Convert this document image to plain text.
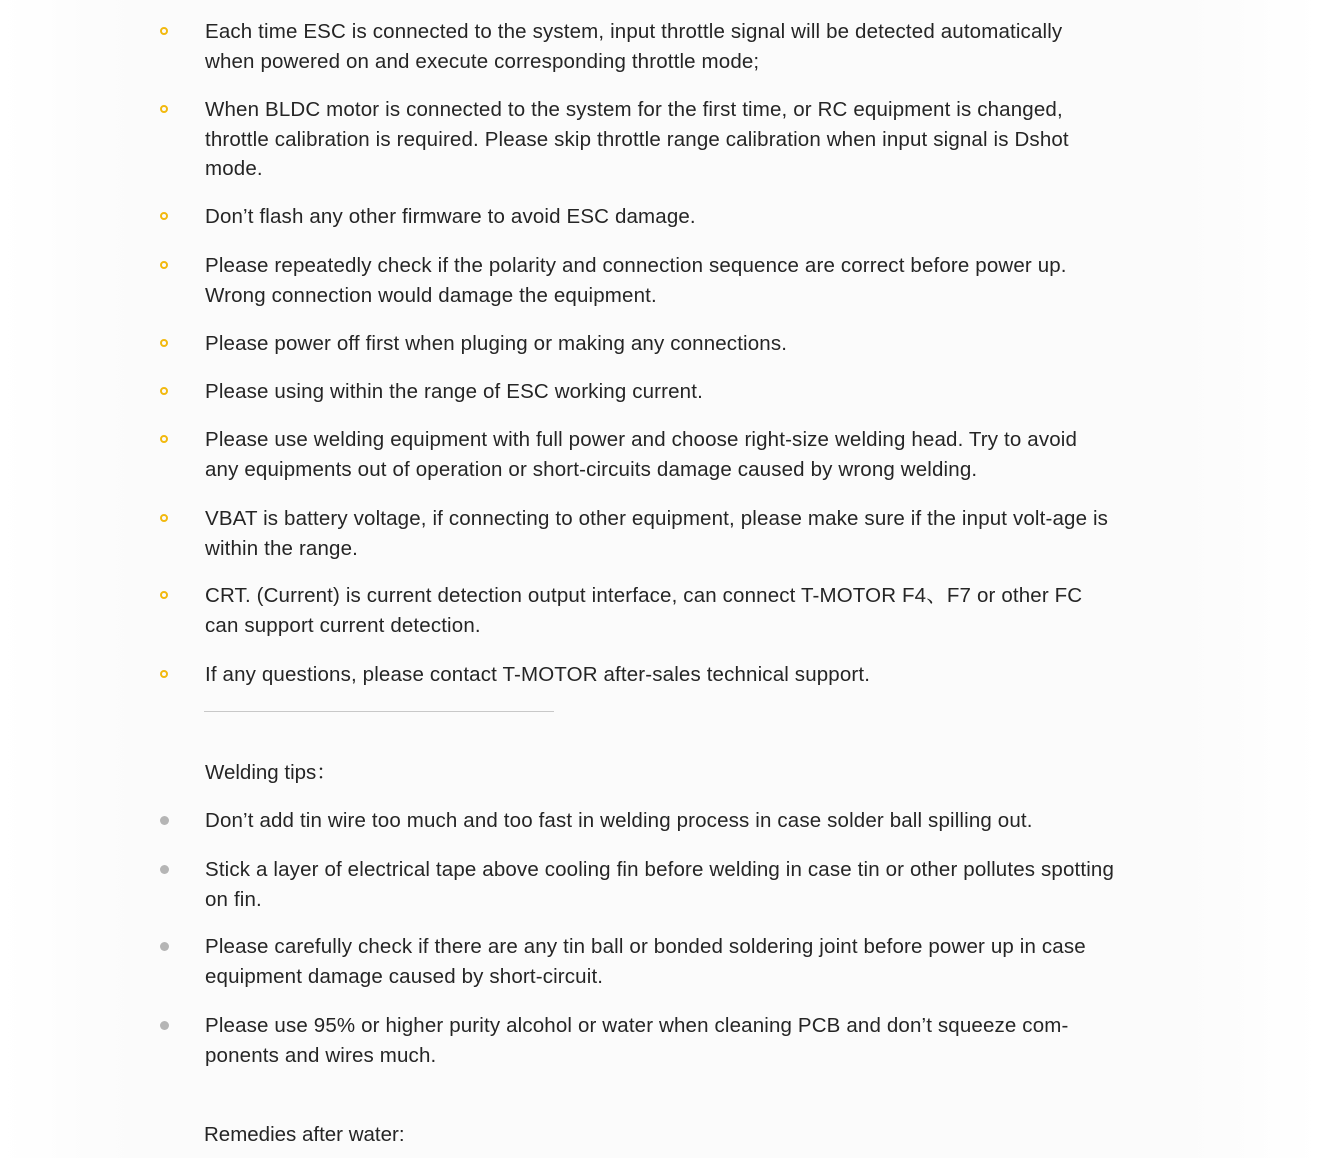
Each time ESC is connected to the system, input throttle signal will be detected automatically when powered on and execute corresponding throttle mode;

When BLDC motor is connected to the system for the first time, or RC equipment is changed, throttle calibration is required. Please skip throttle range calibration when input signal is Dshot mode.

Don’t flash any other firmware to avoid ESC damage.

Please repeatedly check if the polarity and connection sequence are correct before power up. Wrong connection would damage the equipment.

Please power off first when pluging or making any connections.

Please using within the range of ESC working current.

Please use welding equipment with full power and choose right-size welding head. Try to avoid any equipments out of operation or short-circuits damage caused by wrong welding.

VBAT is battery voltage, if connecting to other equipment, please make sure if the input volt-age is within the range.

CRT. (Current) is current detection output interface, can connect T-MOTOR F4、F7 or other FC can support current detection.

If any questions, please contact T-MOTOR after-sales technical support.

Welding tips：

Don’t add tin wire too much and too fast in welding process in case solder ball spilling out.

Stick a layer of electrical tape above cooling fin before welding in case tin or other pollutes spotting on fin.

Please carefully check if there are any tin ball or bonded soldering joint before power up in case equipment damage caused by short-circuit.

Please use 95% or higher purity alcohol or water when cleaning PCB and don’t squeeze com-ponents and wires much.

Remedies after water:
